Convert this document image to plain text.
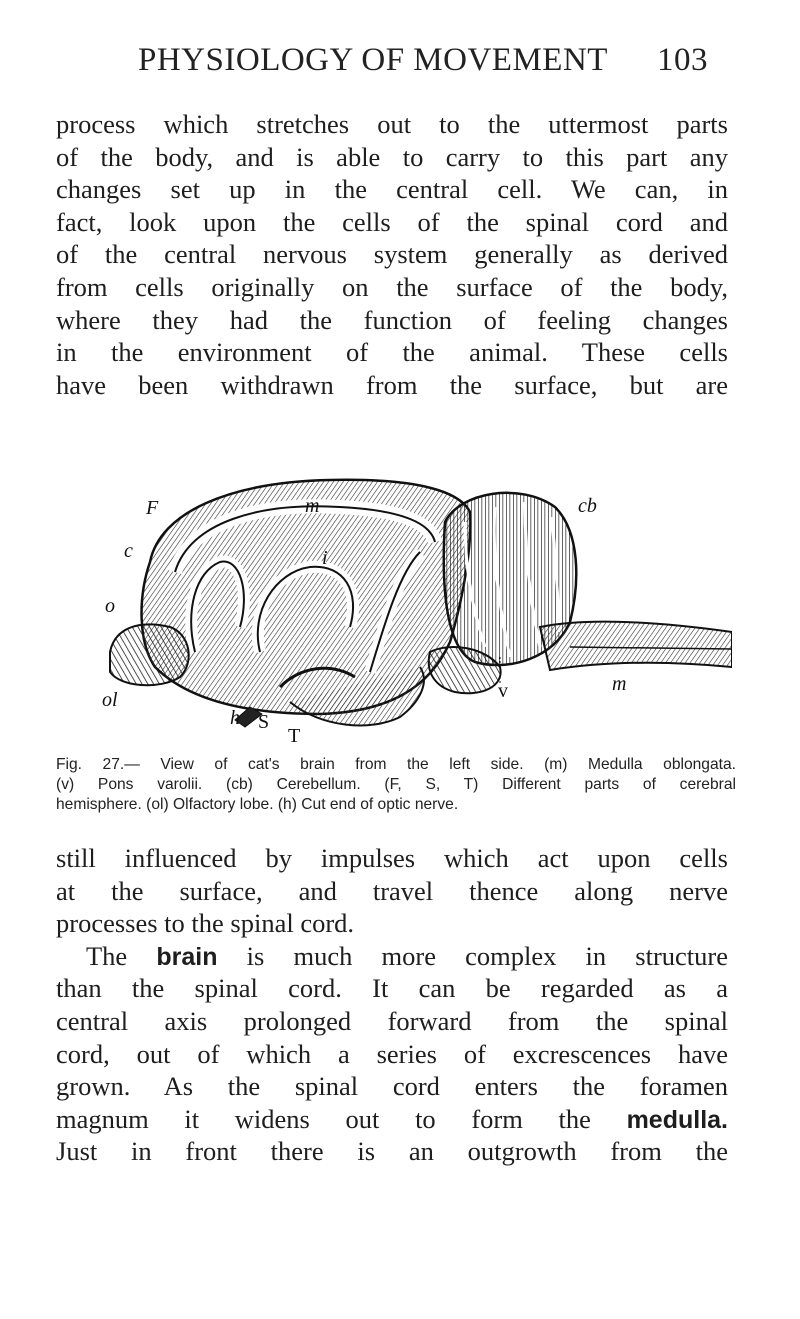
PHYSIOLOGY OF MOVEMENT 103
process which stretches out to the uttermost parts
of the body, and is able to carry to this part any
changes set up in the central cell. We can, in
fact, look upon the cells of the spinal cord and
of the central nervous system generally as derived
from cells originally on the surface of the body,
where they had the function of feeling changes
in the environment of the animal. These cells
have been withdrawn from the surface, but are
F
c
o
ol
m
i
cb
m
v
h S
T
Fig. 27.— View of cat's brain from the left side. (m) Medulla oblongata.
(v) Pons varolii. (cb) Cerebellum. (F, S, T) Different parts of cerebral
hemisphere. (ol) Olfactory lobe. (h) Cut end of optic nerve.
still influenced by impulses which act upon cells
at the surface, and travel thence along nerve
processes to the spinal cord.
The brain is much more complex in structure
than the spinal cord. It can be regarded as a
central axis prolonged forward from the spinal
cord, out of which a series of excrescences have
grown. As the spinal cord enters the foramen
magnum it widens out to form the medulla.
Just in front there is an outgrowth from the
